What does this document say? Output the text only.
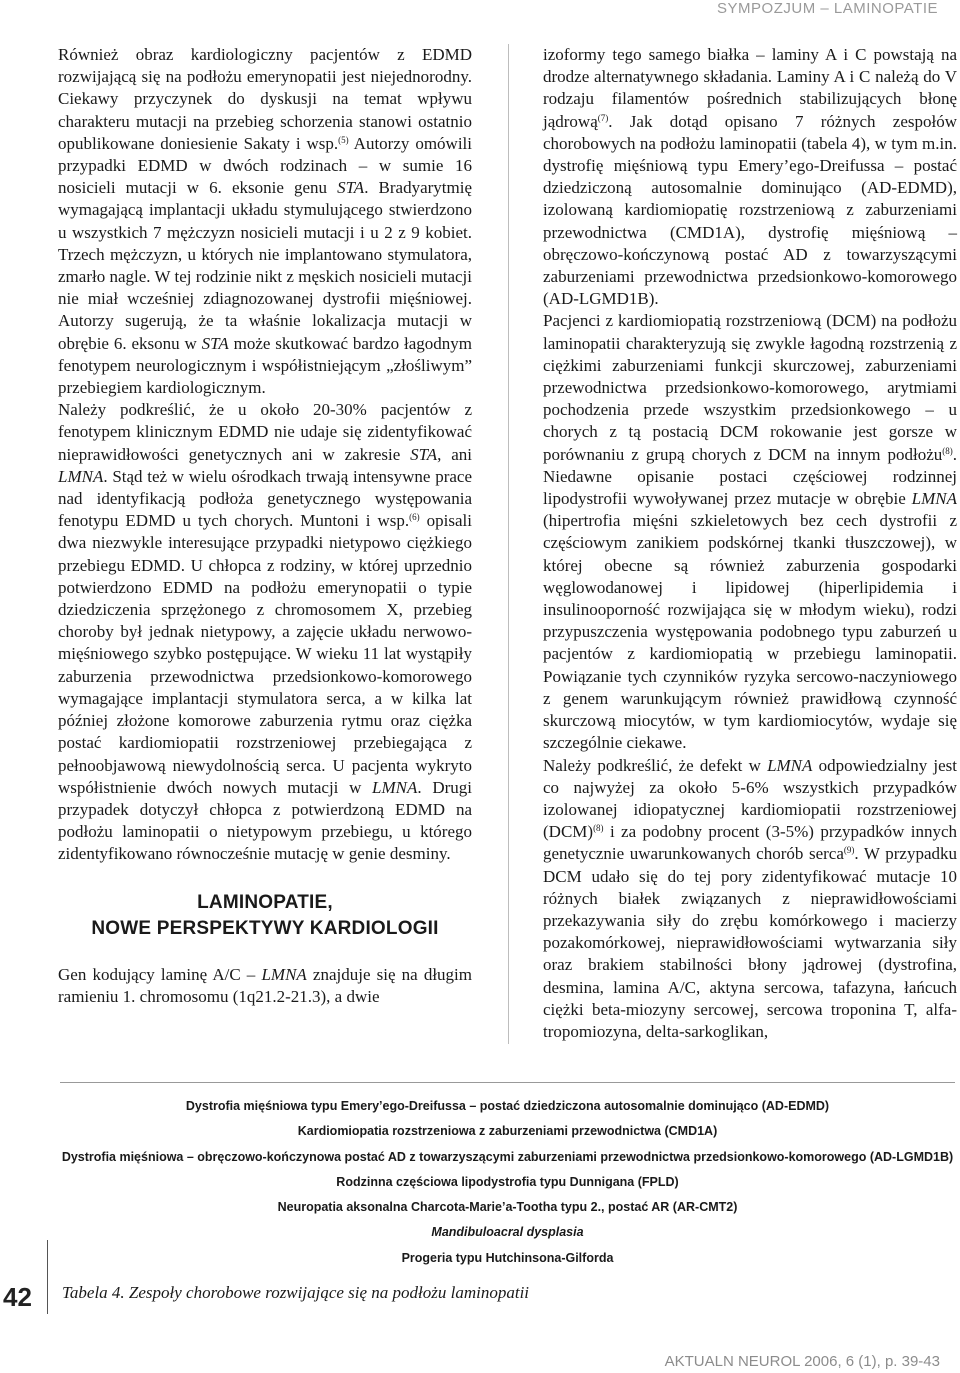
SYMPOZJUM – LAMINOPATIE

Również obraz kardiologiczny pacjentów z EDMD rozwijającą się na podłożu emerynopatii jest niejednorodny. Ciekawy przyczynek do dyskusji na temat wpływu charakteru mutacji na przebieg schorzenia stanowi ostatnio opublikowane doniesienie Sakaty i wsp.$^{(5)}$ Autorzy omówili przypadki EDMD w dwóch rodzinach – w sumie 16 nosicieli mutacji w 6. eksonie genu STA. Bradyarytmię wymagającą implantacji układu stymulującego stwierdzono u wszystkich 7 mężczyzn nosicieli mutacji i u 2 z 9 kobiet. Trzech mężczyzn, u których nie implantowano stymulatora, zmarło nagle. W tej rodzinie nikt z męskich nosicieli mutacji nie miał wcześniej zdiagnozowanej dystrofii mięśniowej. Autorzy sugerują, że ta właśnie lokalizacja mutacji w obrębie 6. eksonu w STA może skutkować bardzo łagodnym fenotypem neurologicznym i współistniejącym „złośliwym” przebiegiem kardiologicznym.

Należy podkreślić, że u około 20-30% pacjentów z fenotypem klinicznym EDMD nie udaje się zidentyfikować nieprawidłowości genetycznych ani w zakresie STA, ani LMNA. Stąd też w wielu ośrodkach trwają intensywne prace nad identyfikacją podłoża genetycznego występowania fenotypu EDMD u tych chorych. Muntoni i wsp.$^{(6)}$ opisali dwa niezwykle interesujące przypadki nietypowo ciężkiego przebiegu EDMD. U chłopca z rodziny, w której uprzednio potwierdzono EDMD na podłożu emerynopatii o typie dziedziczenia sprzężonego z chromosomem X, przebieg choroby był jednak nietypowy, a zajęcie układu nerwowo-mięśniowego szybko postępujące. W wieku 11 lat wystąpiły zaburzenia przewodnictwa przedsionkowo-komorowego wymagające implantacji stymulatora serca, a w kilka lat później złożone komorowe zaburzenia rytmu oraz ciężka postać kardiomiopatii rozstrzeniowej przebiegająca z pełnoobjawową niewydolnością serca. U pacjenta wykryto współistnienie dwóch nowych mutacji w LMNA. Drugi przypadek dotyczył chłopca z potwierdzoną EDMD na podłożu laminopatii o nietypowym przebiegu, u którego zidentyfikowano równocześnie mutację w genie desminy.

LAMINOPATIE,
NOWE PERSPEKTYWY KARDIOLOGII

Gen kodujący laminę A/C – LMNA znajduje się na długim ramieniu 1. chromosomu (1q21.2-21.3), a dwie

izoformy tego samego białka – laminy A i C powstają na drodze alternatywnego składania. Laminy A i C należą do V rodzaju filamentów pośrednich stabilizujących błonę jądrową$^{(7)}$. Jak dotąd opisano 7 różnych zespołów chorobowych na podłożu laminopatii (tabela 4), w tym m.in. dystrofię mięśniową typu Emery’ego-Dreifussa – postać dziedziczoną autosomalnie dominująco (AD-EDMD), izolowaną kardiomiopatię rozstrzeniową z zaburzeniami przewodnictwa (CMD1A), dystrofię mięśniową – obręczowo-kończynową postać AD z towarzyszącymi zaburzeniami przewodnictwa przedsionkowo-komorowego (AD-LGMD1B).

Pacjenci z kardiomiopatią rozstrzeniową (DCM) na podłożu laminopatii charakteryzują się zwykle łagodną rozstrzenią z ciężkimi zaburzeniami funkcji skurczowej, zaburzeniami przewodnictwa przedsionkowo-komorowego, arytmiami pochodzenia przede wszystkim przedsionkowego – u chorych z tą postacią DCM rokowanie jest gorsze w porównaniu z grupą chorych z DCM na innym podłożu$^{(8)}$. Niedawne opisanie postaci częściowej rodzinnej lipodystrofii wywoływanej przez mutacje w obrębie LMNA (hipertrofia mięśni szkieletowych bez cech dystrofii z częściowym zanikiem podskórnej tkanki tłuszczowej), w której obecne są również zaburzenia gospodarki węglowodanowej i lipidowej (hiperlipidemia i insulinooporność rozwijająca się w młodym wieku), rodzi przypuszczenia występowania podobnego typu zaburzeń u pacjentów z kardiomiopatią w przebiegu laminopatii. Powiązanie tych czynników ryzyka sercowo-naczyniowego z genem warunkującym również prawidłową czynność skurczową miocytów, w tym kardiomiocytów, wydaje się szczególnie ciekawe.

Należy podkreślić, że defekt w LMNA odpowiedzialny jest co najwyżej za około 5-6% wszystkich przypadków izolowanej idiopatycznej kardiomiopatii rozstrzeniowej (DCM)$^{(8)}$ i za podobny procent (3-5%) przypadków innych genetycznie uwarunkowanych chorób serca$^{(9)}$. W przypadku DCM udało się do tej pory zidentyfikować mutacje 10 różnych białek związanych z nieprawidłowościami przekazywania siły do zrębu komórkowego i macierzy pozakomórkowej, nieprawidłowościami wytwarzania siły oraz brakiem stabilności błony jądrowej (dystrofina, desmina, lamina A/C, aktyna sercowa, tafazyna, łańcuch ciężki beta-miozyny sercowej, sercowa troponina T, alfa-tropomiozyna, delta-sarkoglikan,

Dystrofia mięśniowa typu Emery’ego-Dreifussa – postać dziedziczona autosomalnie dominująco (AD-EDMD)
Kardiomiopatia rozstrzeniowa z zaburzeniami przewodnictwa (CMD1A)
Dystrofia mięśniowa – obręczowo-kończynowa postać AD z towarzyszącymi zaburzeniami przewodnictwa przedsionkowo-komorowego (AD-LGMD1B)
Rodzinna częściowa lipodystrofia typu Dunnigana (FPLD)
Neuropatia aksonalna Charcota-Marie’a-Tootha typu 2., postać AR (AR-CMT2)
Mandibuloacral dysplasia
Progeria typu Hutchinsona-Gilforda
42 Tabela 4. Zespoły chorobowe rozwijające się na podłożu laminopatii
AKTUALN NEUROL 2006, 6 (1), p. 39-43
